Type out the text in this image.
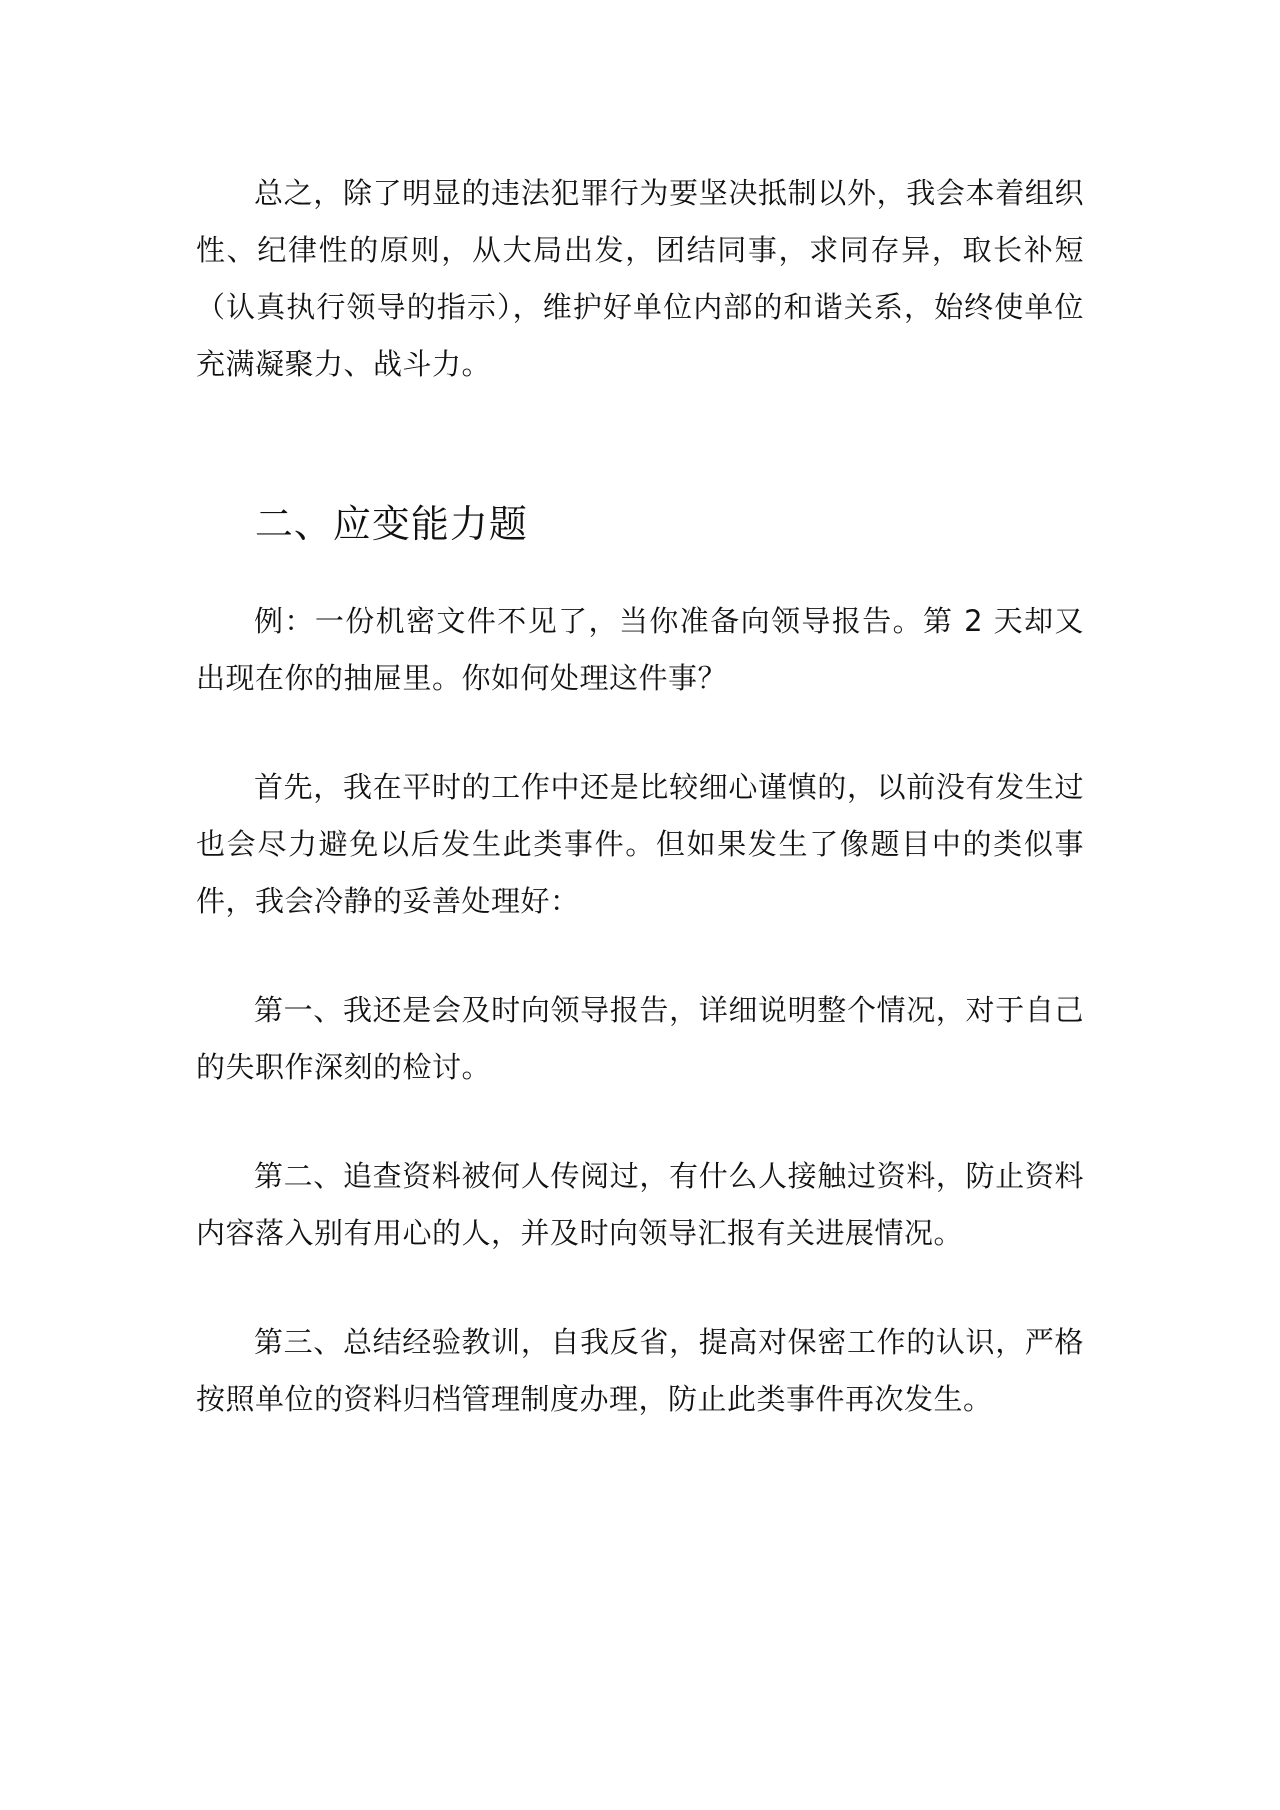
总之，除了明显的违法犯罪行为要坚决抵制以外，我会本着组织性、纪律性的原则，从大局出发，团结同事，求同存异，取长补短（认真执行领导的指示），维护好单位内部的和谐关系，始终使单位充满凝聚力、战斗力。

二、应变能力题

例：一份机密文件不见了，当你准备向领导报告。第 2 天却又出现在你的抽屉里。你如何处理这件事？

首先，我在平时的工作中还是比较细心谨慎的，以前没有发生过也会尽力避免以后发生此类事件。但如果发生了像题目中的类似事件，我会冷静的妥善处理好：

第一、我还是会及时向领导报告，详细说明整个情况，对于自己的失职作深刻的检讨。

第二、追查资料被何人传阅过，有什么人接触过资料，防止资料内容落入别有用心的人，并及时向领导汇报有关进展情况。

第三、总结经验教训，自我反省，提高对保密工作的认识，严格按照单位的资料归档管理制度办理，防止此类事件再次发生。
